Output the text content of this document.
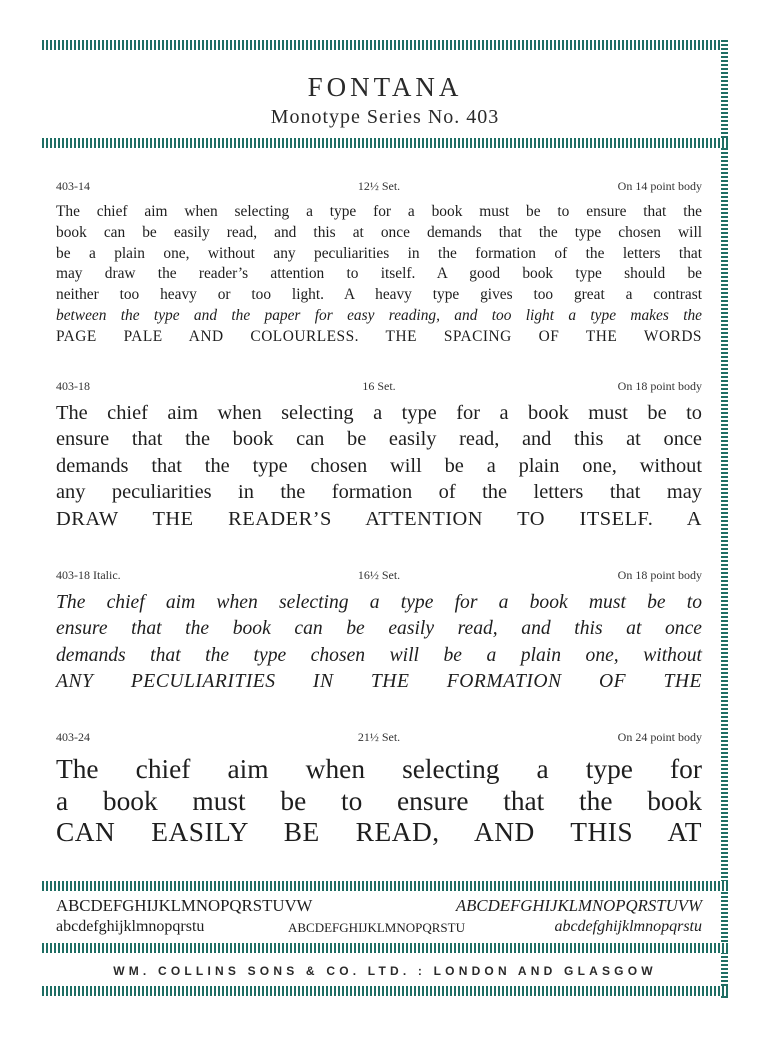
FONTANA
Monotype Series No. 403
403-14	12½ Set.	On 14 point body
The chief aim when selecting a type for a book must be to ensure that the
book can be easily read, and this at once demands that the type chosen will
be a plain one, without any peculiarities in the formation of the letters that
may draw the reader’s attention to itself. A good book type should be
neither too heavy or too light. A heavy type gives too great a contrast
between the type and the paper for easy reading, and too light a type makes the
PAGE PALE AND COLOURLESS. THE SPACING OF THE WORDS
403-18	16 Set.	On 18 point body
The chief aim when selecting a type for a book must be to
ensure that the book can be easily read, and this at once
demands that the type chosen will be a plain one, without
any peculiarities in the formation of the letters that may
DRAW THE READER’S ATTENTION TO ITSELF. A
403-18 Italic.	16½ Set.	On 18 point body
The chief aim when selecting a type for a book must be to
ensure that the book can be easily read, and this at once
demands that the type chosen will be a plain one, without
ANY PECULIARITIES IN THE FORMATION OF THE
403-24	21½ Set.	On 24 point body
The chief aim when selecting a type for
a book must be to ensure that the book
CAN EASILY BE READ, AND THIS AT
ABCDEFGHIJKLMNOPQRSTUVW	ABCDEFGHIJKLMNOPQRSTUVW
abcdefghijklmnopqrstu	ABCDEFGHIJKLMNOPQRSTU	abcdefghijklmnopqrstu
WM. COLLINS SONS & CO. LTD. : LONDON AND GLASGOW
